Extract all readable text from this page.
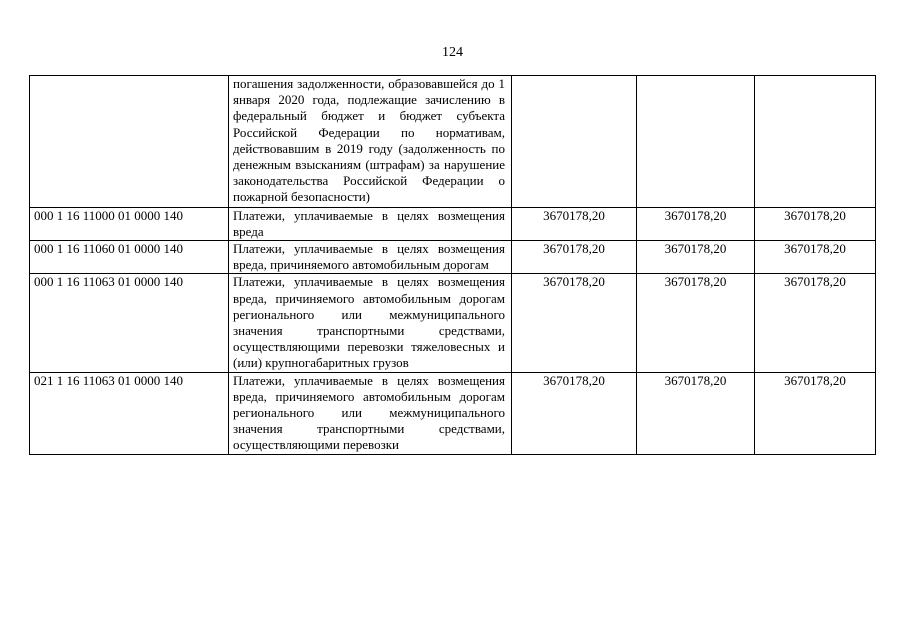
124
	погашения задолженности, образовавшейся до 1 января 2020 года, подлежащие зачислению в федеральный бюджет и бюджет субъекта Российской Федерации по нормативам, действовавшим в 2019 году (задолженность по денежным взысканиям (штрафам) за нарушение законодательства Российской Федерации о пожарной безопасности)			
000 1 16 11000 01 0000 140	Платежи, уплачиваемые в целях возмещения вреда	3670178,20	3670178,20	3670178,20
000 1 16 11060 01 0000 140	Платежи, уплачиваемые в целях возмещения вреда, причиняемого автомобильным дорогам	3670178,20	3670178,20	3670178,20
000 1 16 11063 01 0000 140	Платежи, уплачиваемые в целях возмещения вреда, причиняемого автомобильным дорогам регионального или межмуниципального значения транспортными средствами, осуществляющими перевозки тяжеловесных и (или) крупногабаритных грузов	3670178,20	3670178,20	3670178,20
021 1 16 11063 01 0000 140	Платежи, уплачиваемые в целях возмещения вреда, причиняемого автомобильным дорогам регионального или межмуниципального значения транспортными средствами, осуществляющими перевозки	3670178,20	3670178,20	3670178,20
